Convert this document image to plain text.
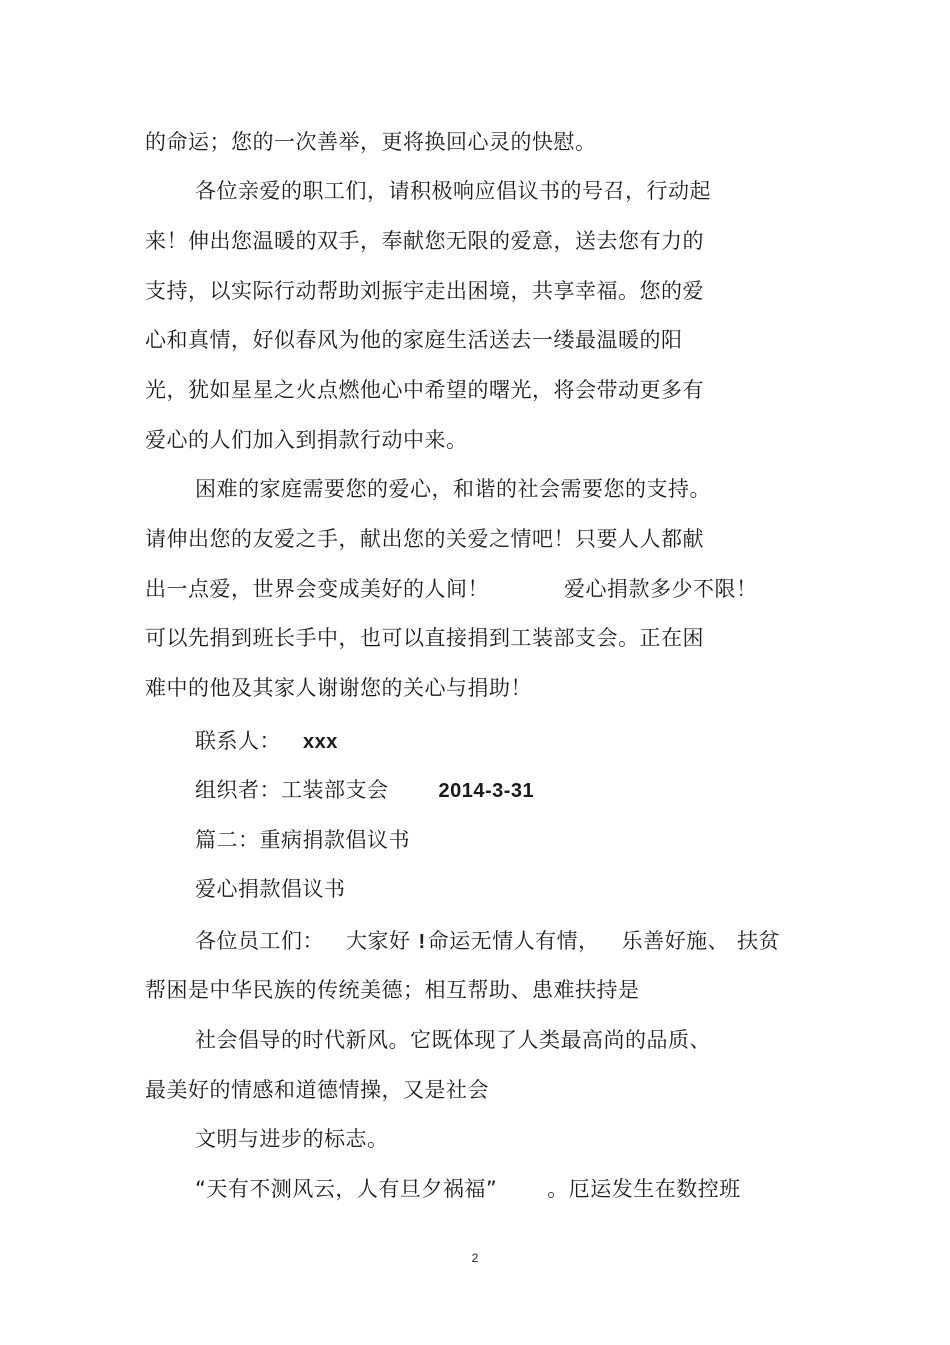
的命运；您的一次善举，更将换回心灵的快慰。
各位亲爱的职工们，请积极响应倡议书的号召，行动起
来！伸出您温暖的双手，奉献您无限的爱意，送去您有力的
支持，以实际行动帮助刘振宇走出困境，共享幸福。您的爱
心和真情，好似春风为他的家庭生活送去一缕最温暖的阳
光，犹如星星之火点燃他心中希望的曙光，将会带动更多有
爱心的人们加入到捐款行动中来。
困难的家庭需要您的爱心，和谐的社会需要您的支持。
请伸出您的友爱之手，献出您的关爱之情吧！只要人人都献
出一点爱，世界会变成美好的人间！	爱心捐款多少不限！
可以先捐到班长手中，也可以直接捐到工装部支会。正在困
难中的他及其家人谢谢您的关心与捐助！
联系人： xxx
组织者：工装部支会	2014-3-31
篇二：重病捐款倡议书
爱心捐款倡议书
各位员工们： 大家好 !命运无情人有情， 乐善好施、 扶贫
帮困是中华民族的传统美德；相互帮助、患难扶持是
社会倡导的时代新风。它既体现了人类最高尚的品质、
最美好的情感和道德情操，又是社会
文明与进步的标志。
“天有不测风云，人有旦夕祸福” 。厄运发生在数控班
2
